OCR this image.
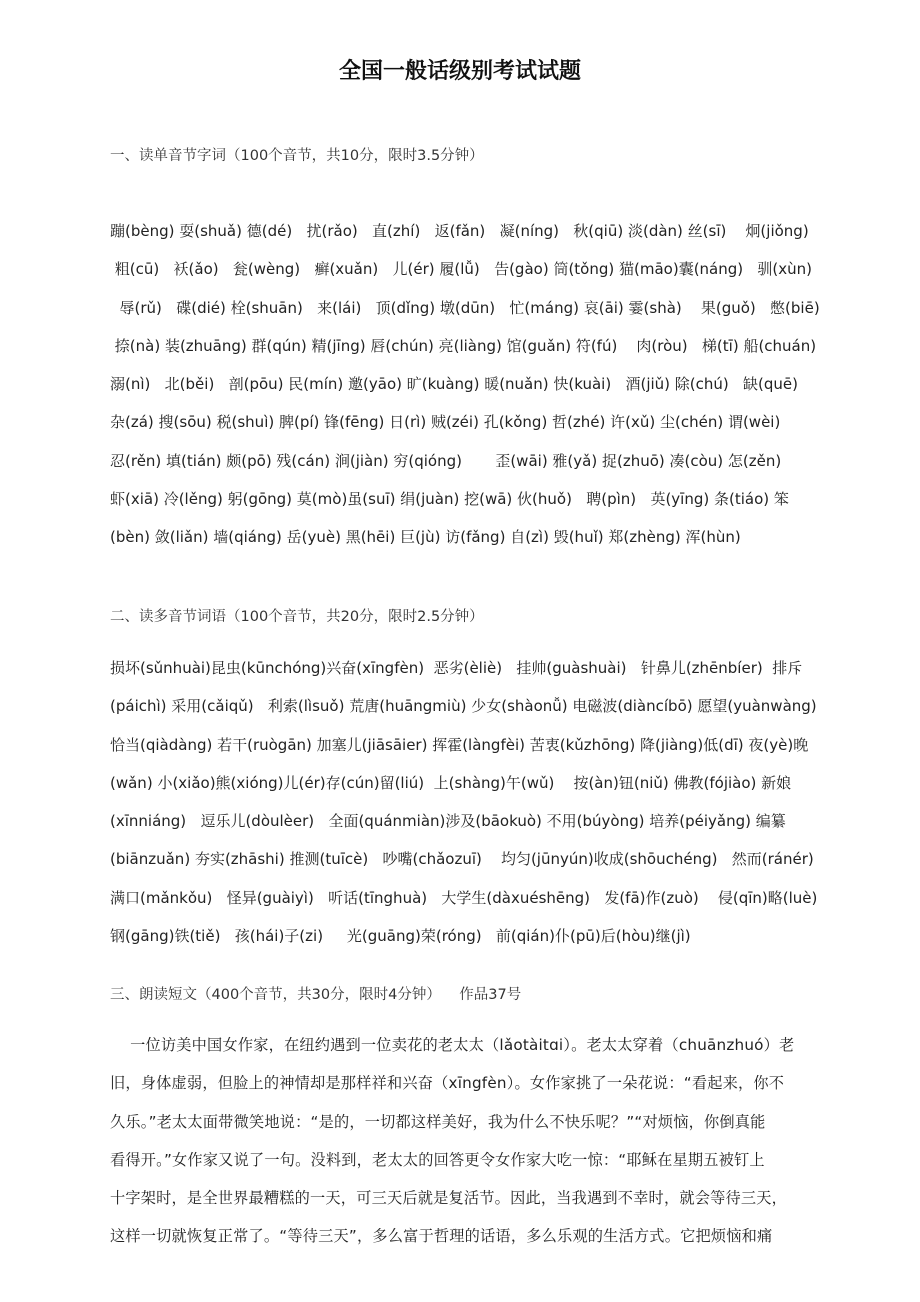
全国一般话级别考试试题
一、读单音节字词（100个音节，共10分，限时3.5分钟）
蹦(bèng) 耍(shuǎ) 德(dé)   扰(rǎo)   直(zhí)   返(fǎn)   凝(níng)   秋(qiū) 淡(dàn) 丝(sī)    炯(jiǒng)
粗(cū)   袄(ǎo)   瓮(wèng)   癣(xuǎn)   儿(ér) 履(lǚ)   告(gào) 筒(tǒng) 猫(māo)囊(náng)   驯(xùn)
辱(rǔ)   碟(dié) 栓(shuān)   来(lái)   顶(dǐng) 墩(dūn)   忙(máng) 哀(āi) 霎(shà)    果(guǒ)   憋(biē)
捺(nà) 装(zhuāng) 群(qún) 精(jīng) 唇(chún) 亮(liàng) 馆(guǎn) 符(fú)    肉(ròu)   梯(tī) 船(chuán)
溺(nì)   北(běi)   剖(pōu) 民(mín) 邀(yāo) 旷(kuàng) 暖(nuǎn) 快(kuài)   酒(jiǔ) 除(chú)   缺(quē)
杂(zá) 搜(sōu) 税(shuì) 脾(pí) 锋(fēng) 日(rì) 贼(zéi) 孔(kǒng) 哲(zhé) 许(xǔ) 尘(chén) 谓(wèi)
忍(rěn) 填(tián) 颇(pō) 残(cán) 涧(jiàn) 穷(qióng)       歪(wāi) 雅(yǎ) 捉(zhuō) 凑(còu) 怎(zěn)
虾(xiā) 冷(lěng) 躬(gōng) 莫(mò)虽(suī) 绢(juàn) 挖(wā) 伙(huǒ)   聘(pìn)   英(yīng) 条(tiáo) 笨
(bèn) 敛(liǎn) 墙(qiáng) 岳(yuè) 黑(hēi) 巨(jù) 访(fǎng) 自(zì) 毁(huǐ) 郑(zhèng) 浑(hùn)
二、读多音节词语（100个音节，共20分，限时2.5分钟）
损坏(sǔnhuài)昆虫(kūnchóng)兴奋(xīngfèn)  恶劣(èliè)   挂帅(guàshuài)   针鼻儿(zhēnbíer)  排斥
(páichì) 采用(cǎiqǔ)   利索(lìsuǒ) 荒唐(huāngmiù) 少女(shàonǚ) 电磁波(diàncíbō) 愿望(yuànwàng)
恰当(qiàdàng) 若干(ruògān) 加塞儿(jiāsāier) 挥霍(làngfèi) 苦衷(kǔzhōng) 降(jiàng)低(dī) 夜(yè)晚
(wǎn) 小(xiǎo)熊(xióng)儿(ér)存(cún)留(liú)  上(shàng)午(wǔ)    按(àn)钮(niǔ) 佛教(fójiào) 新娘
(xīnniáng)   逗乐儿(dòulèer)   全面(quánmiàn)涉及(bāokuò) 不用(búyòng) 培养(péiyǎng) 编纂
(biānzuǎn) 夯实(zhāshi) 推测(tuīcè)   吵嘴(chǎozuī)    均匀(jūnyún)收成(shōuchéng)   然而(ránér)
满口(mǎnkǒu)   怪异(guàiyì)   听话(tīnghuà)   大学生(dàxuéshēng)   发(fā)作(zuò)    侵(qīn)略(luè)
钢(gāng)铁(tiě)   孩(hái)子(zi)     光(guāng)荣(róng)   前(qián)仆(pū)后(hòu)继(jì)
三、朗读短文（400个音节，共30分，限时4分钟）    作品37号
一位访美中国女作家，在纽约遇到一位卖花的老太太（lǎotàitɑi）。老太太穿着（chuānzhuó）老
旧，身体虚弱，但脸上的神情却是那样祥和兴奋（xīngfèn）。女作家挑了一朵花说：“看起来，你不
久乐。”老太太面带微笑地说：“是的，一切都这样美好，我为什么不快乐呢？”“对烦恼，你倒真能
看得开。”女作家又说了一句。没料到，老太太的回答更令女作家大吃一惊：“耶稣在星期五被钉上
十字架时，是全世界最糟糕的一天，可三天后就是复活节。因此，当我遇到不幸时，就会等待三天，
这样一切就恢复正常了。“等待三天”，多么富于哲理的话语，多么乐观的生活方式。它把烦恼和痛
